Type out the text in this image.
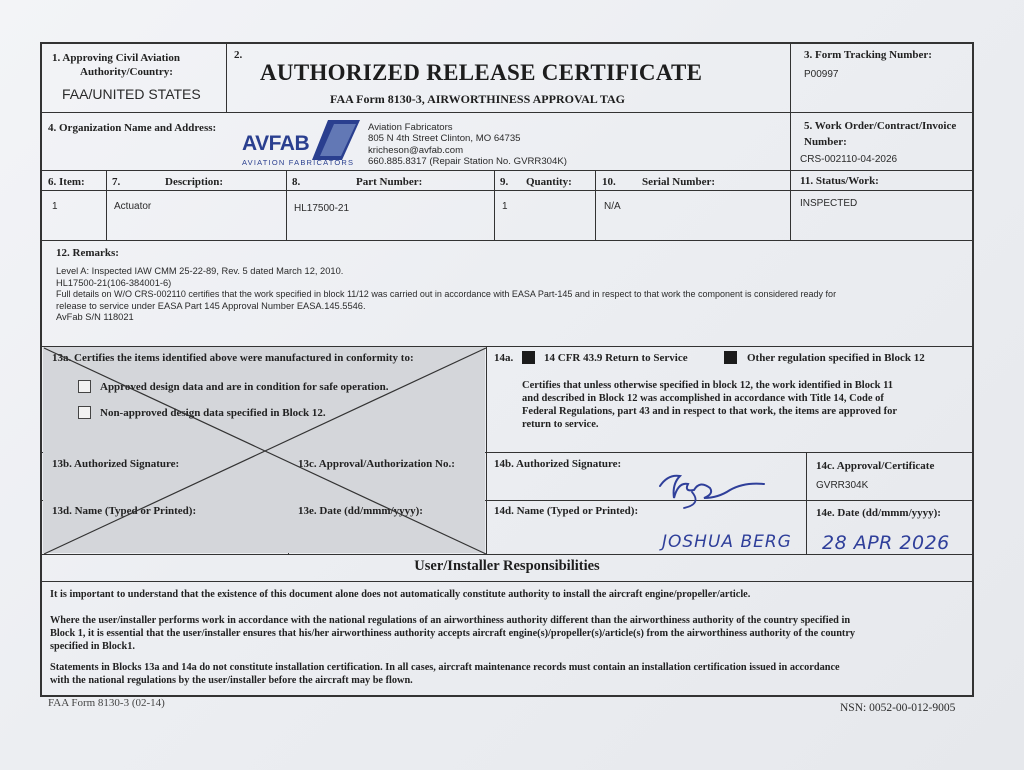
1. Approving Civil Aviation
Authority/Country:
FAA/UNITED STATES
2.
AUTHORIZED RELEASE CERTIFICATE
FAA Form 8130-3, AIRWORTHINESS APPROVAL TAG
3. Form Tracking Number:
P00997
4. Organization Name and Address:
AVFAB
AVIATION FABRICATORS
Aviation Fabricators
805 N 4th Street Clinton, MO 64735
kricheson@avfab.com
660.885.8317 (Repair Station No. GVRR304K)
5. Work Order/Contract/Invoice
Number:
CRS-002110-04-2026
6. Item: 7.	Description:	8.	Part Number:	9. Quantity:	10. Serial Number:	11. Status/Work:
1	Actuator	HL17500-21	1	N/A	INSPECTED
12. Remarks:
Level A: Inspected IAW CMM 25-22-89, Rev. 5 dated March 12, 2010.
HL17500-21(106-384001-6)
Full details on W/O CRS-002110 certifies that the work specified in block 11/12 was carried out in accordance with EASA Part-145 and in respect to that work the component is considered ready for
release to service under EASA Part 145 Approval Number EASA.145.5546.
AvFab S/N 118021
13a. Certifies the items identified above were manufactured in conformity to:
Approved design data and are in condition for safe operation.
Non-approved design data specified in Block 12.
13b. Authorized Signature:	13c. Approval/Authorization No.:
13d. Name (Typed or Printed):	13e. Date (dd/mmm/yyyy):
14a.	14 CFR 43.9 Return to Service	Other regulation specified in Block 12
Certifies that unless otherwise specified in block 12, the work identified in Block 11
and described in Block 12 was accomplished in accordance with Title 14, Code of
Federal Regulations, part 43 and in respect to that work, the items are approved for
return to service.
14b. Authorized Signature:	14c. Approval/Certificate
GVRR304K
14d. Name (Typed or Printed):
JOSHUA BERG
14e. Date (dd/mmm/yyyy):
28 APR 2026
User/Installer Responsibilities
It is important to understand that the existence of this document alone does not automatically constitute authority to install the aircraft engine/propeller/article.
Where the user/installer performs work in accordance with the national regulations of an airworthiness authority different than the airworthiness authority of the country specified in
Block 1, it is essential that the user/installer ensures that his/her airworthiness authority accepts aircraft engine(s)/propeller(s)/article(s) from the airworthiness authority of the country
specified in Block1.
Statements in Blocks 13a and 14a do not constitute installation certification. In all cases, aircraft maintenance records must contain an installation certification issued in accordance
with the national regulations by the user/installer before the aircraft may be flown.
FAA Form 8130-3 (02-14)	NSN: 0052-00-012-9005
